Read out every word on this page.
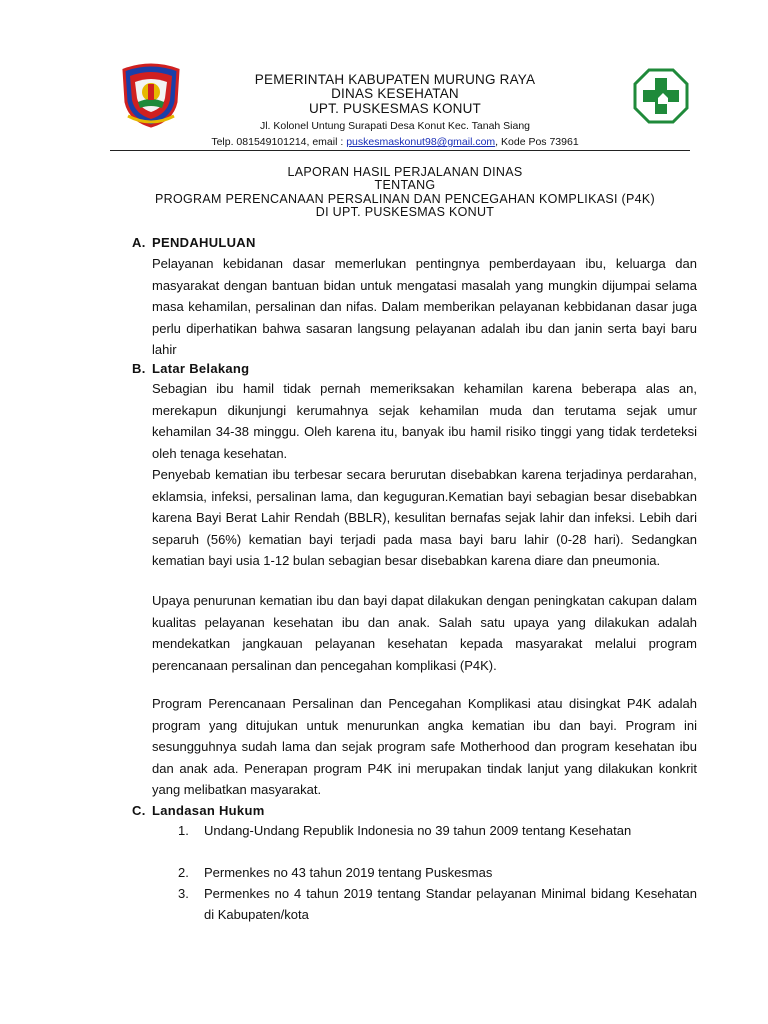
PEMERINTAH KABUPATEN MURUNG RAYA
DINAS KESEHATAN
UPT. PUSKESMAS KONUT
Jl. Kolonel Untung Surapati Desa Konut Kec. Tanah Siang
Telp. 081549101214, email : puskesmaskonut98@gmail.com, Kode Pos 73961
LAPORAN HASIL PERJALANAN DINAS
TENTANG
PROGRAM PERENCANAAN PERSALINAN DAN PENCEGAHAN KOMPLIKASI (P4K)
DI UPT. PUSKESMAS KONUT
A. PENDAHULUAN

Pelayanan kebidanan dasar memerlukan pentingnya pemberdayaan ibu, keluarga dan masyarakat dengan bantuan bidan untuk mengatasi masalah yang mungkin dijumpai selama masa kehamilan, persalinan dan nifas. Dalam memberikan pelayanan kebbidanan dasar juga perlu diperhatikan bahwa sasaran langsung pelayanan adalah ibu dan janin serta bayi baru lahir

B. Latar Belakang

Sebagian ibu hamil tidak pernah memeriksakan kehamilan karena beberapa alas an, merekapun dikunjungi kerumahnya sejak kehamilan muda dan terutama sejak umur kehamilan 34-38 minggu. Oleh karena itu, banyak ibu hamil risiko tinggi yang tidak terdeteksi oleh tenaga kesehatan.

Penyebab kematian ibu terbesar secara berurutan disebabkan karena terjadinya perdarahan, eklamsia, infeksi, persalinan lama, dan keguguran.Kematian bayi sebagian besar disebabkan karena Bayi Berat Lahir Rendah (BBLR), kesulitan bernafas sejak lahir dan infeksi. Lebih dari separuh (56%) kematian bayi terjadi pada masa bayi baru lahir (0-28 hari). Sedangkan kematian bayi usia 1-12 bulan sebagian besar disebabkan karena diare dan pneumonia.

Upaya penurunan kematian ibu dan bayi dapat dilakukan dengan peningkatan cakupan dalam kualitas pelayanan kesehatan ibu dan anak. Salah satu upaya yang dilakukan adalah mendekatkan jangkauan pelayanan kesehatan kepada masyarakat melalui program perencanaan persalinan dan pencegahan komplikasi (P4K).

Program Perencanaan Persalinan dan Pencegahan Komplikasi atau disingkat P4K adalah program yang ditujukan untuk menurunkan angka kematian ibu dan bayi. Program ini sesungguhnya sudah lama dan sejak program safe Motherhood dan program kesehatan ibu dan anak ada. Penerapan program P4K ini merupakan tindak lanjut yang dilakukan konkrit yang melibatkan masyarakat.

C. Landasan Hukum
1. Undang-Undang Republik Indonesia no 39 tahun 2009 tentang Kesehatan
2. Permenkes no 43 tahun 2019 tentang Puskesmas
3. Permenkes no 4 tahun 2019 tentang Standar pelayanan Minimal bidang Kesehatan di Kabupaten/kota
